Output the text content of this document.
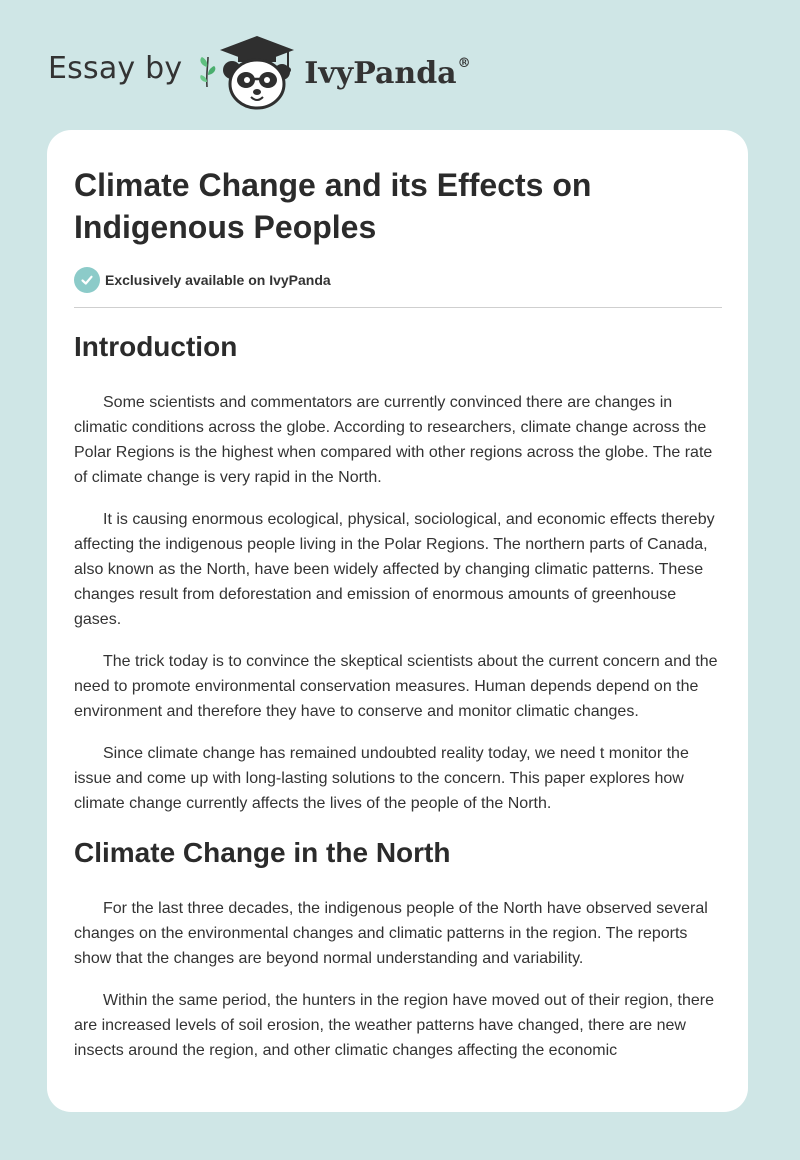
Essay by	IvyPanda®
Climate Change and its Effects on Indigenous Peoples
Exclusively available on IvyPanda
Introduction

Some scientists and commentators are currently convinced there are changes in climatic conditions across the globe. According to researchers, climate change across the Polar Regions is the highest when compared with other regions across the globe. The rate of climate change is very rapid in the North.

It is causing enormous ecological, physical, sociological, and economic effects thereby affecting the indigenous people living in the Polar Regions. The northern parts of Canada, also known as the North, have been widely affected by changing climatic patterns. These changes result from deforestation and emission of enormous amounts of greenhouse gases.

The trick today is to convince the skeptical scientists about the current concern and the need to promote environmental conservation measures. Human depends depend on the environment and therefore they have to conserve and monitor climatic changes.

Since climate change has remained undoubted reality today, we need t monitor the issue and come up with long-lasting solutions to the concern. This paper explores how climate change currently affects the lives of the people of the North.

Climate Change in the North

For the last three decades, the indigenous people of the North have observed several changes on the environmental changes and climatic patterns in the region. The reports show that the changes are beyond normal understanding and variability.

Within the same period, the hunters in the region have moved out of their region, there are increased levels of soil erosion, the weather patterns have changed, there are new insects around the region, and other climatic changes affecting the economic
